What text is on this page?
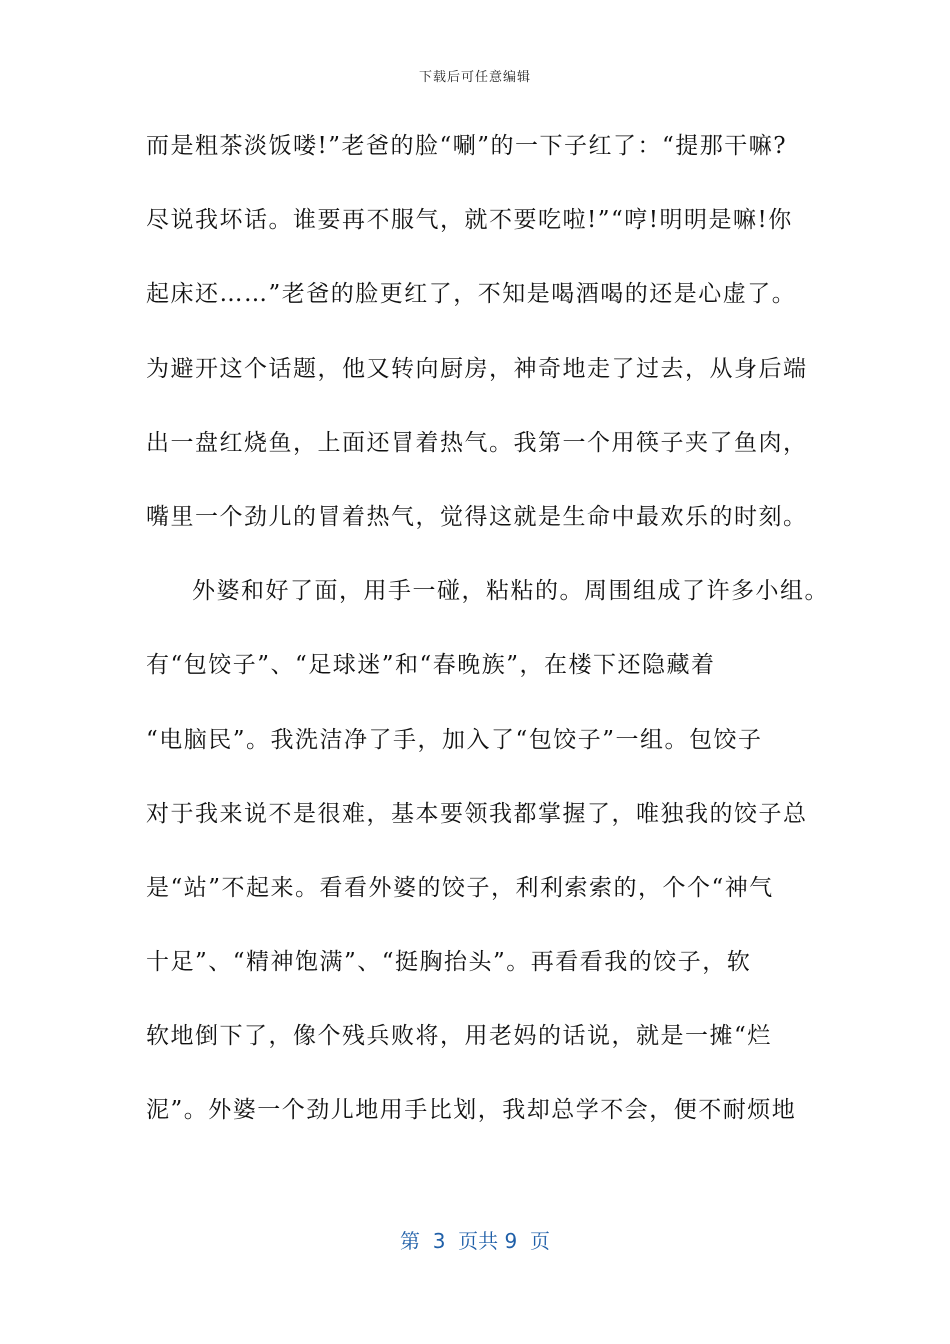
下载后可任意编辑
而是粗茶淡饭喽!”老爸的脸“唰”的一下子红了：“提那干嘛?
尽说我坏话。谁要再不服气，就不要吃啦!”“哼!明明是嘛!你
起床还……”老爸的脸更红了，不知是喝酒喝的还是心虚了。
为避开这个话题，他又转向厨房，神奇地走了过去，从身后端
出一盘红烧鱼，上面还冒着热气。我第一个用筷子夹了鱼肉，
嘴里一个劲儿的冒着热气，觉得这就是生命中最欢乐的时刻。
外婆和好了面，用手一碰，粘粘的。周围组成了许多小组。
有“包饺子”、“足球迷”和“春晚族”，在楼下还隐藏着
“电脑民”。我洗洁净了手，加入了“包饺子”一组。包饺子
对于我来说不是很难，基本要领我都掌握了，唯独我的饺子总
是“站”不起来。看看外婆的饺子，利利索索的，个个“神气
十足”、“精神饱满”、“挺胸抬头”。再看看我的饺子，软
软地倒下了，像个残兵败将，用老妈的话说，就是一摊“烂
泥”。外婆一个劲儿地用手比划，我却总学不会，便不耐烦地
第  3  页共 9  页
